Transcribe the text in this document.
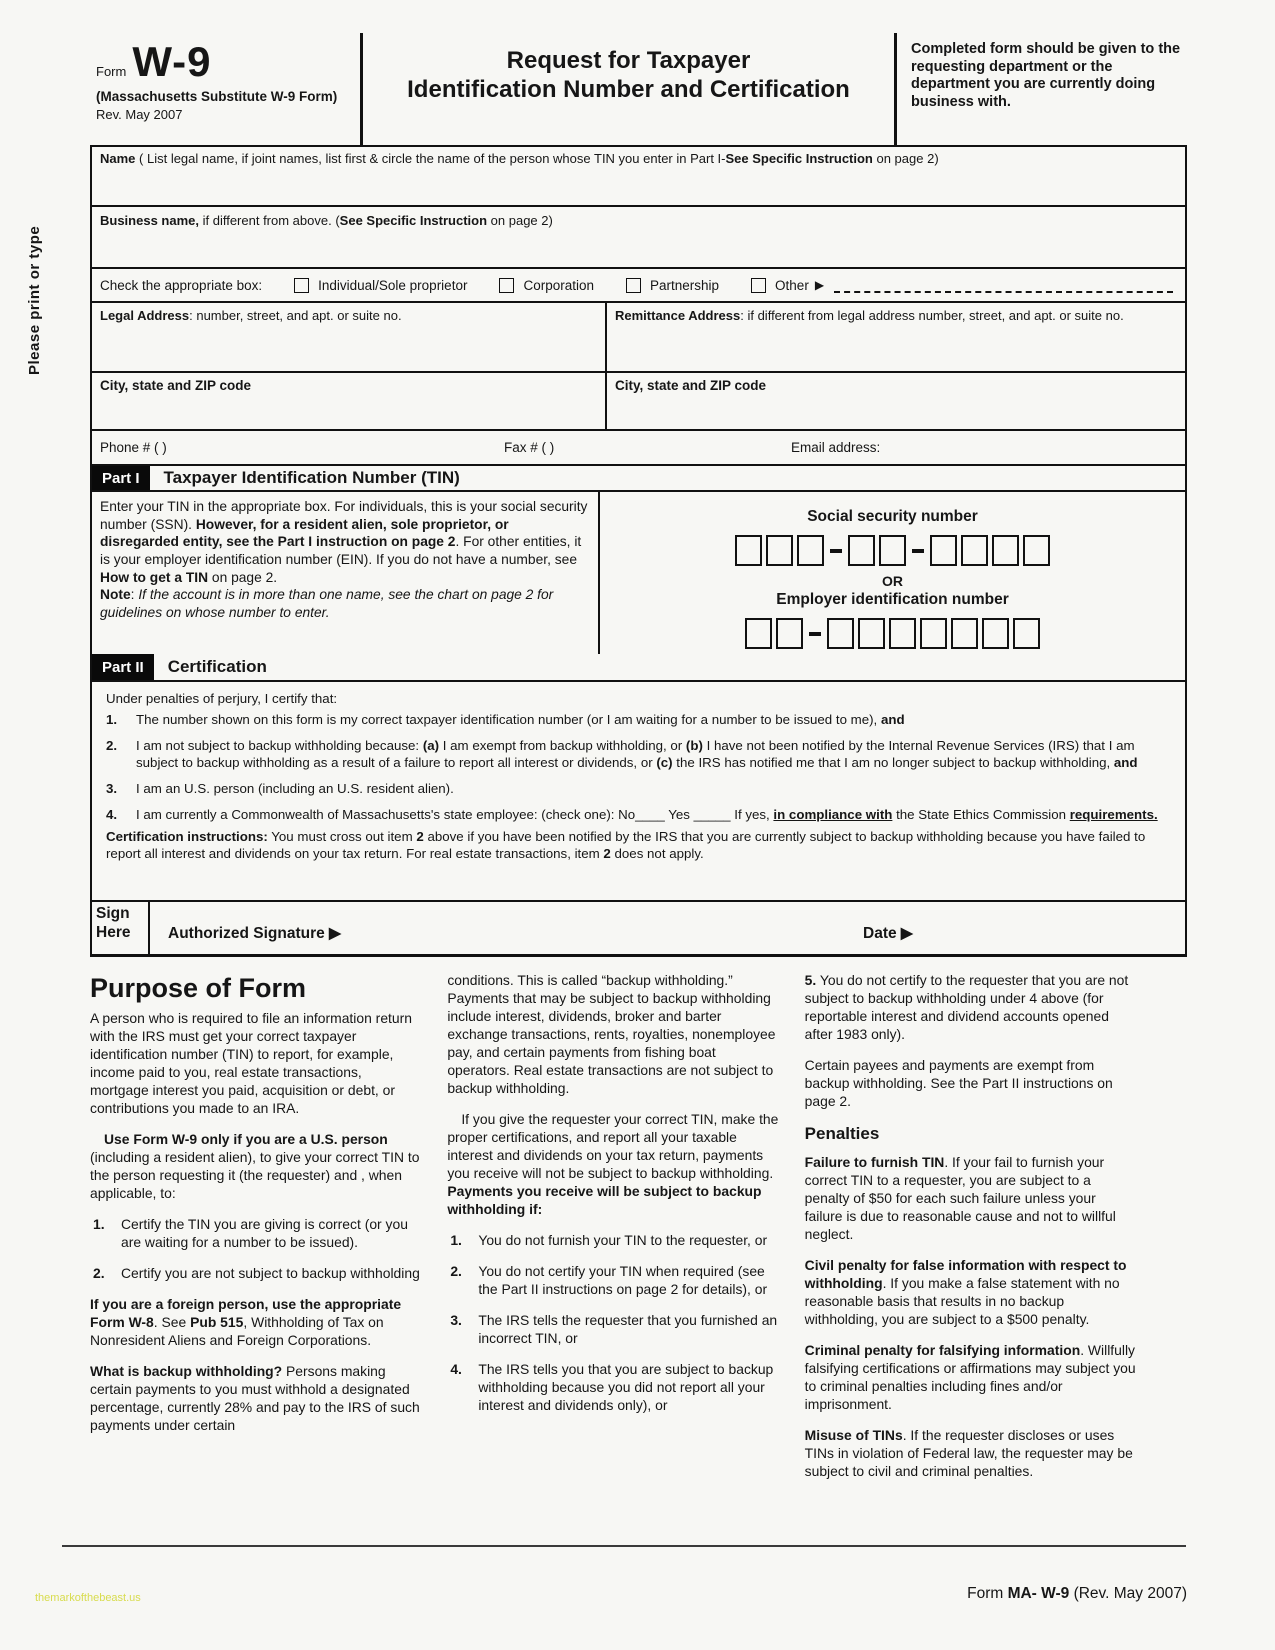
Please print or type
Form W-9
(Massachusetts Substitute W-9 Form)
Rev. May 2007
Request for Taxpayer
Identification Number and Certification
Completed form should be given to the requesting department or the department you are currently doing business with.
Name ( List legal name, if joint names, list first & circle the name of the person whose TIN you enter in Part I-See Specific Instruction on page 2)
Business name, if different from above. (See Specific Instruction on page 2)
Check the appropriate box:	Individual/Sole proprietor	Corporation	Partnership	Other ▶
Legal Address: number, street, and apt. or suite no.	Remittance Address: if different from legal address number, street, and apt. or suite no.
City, state and ZIP code	City, state and ZIP code
Phone # ( )	Fax # ( )	Email address:
Part I	Taxpayer Identification Number (TIN)
Enter your TIN in the appropriate box. For individuals, this is your social security number (SSN). However, for a resident alien, sole proprietor, or disregarded entity, see the Part I instruction on page 2. For other entities, it is your employer identification number (EIN). If you do not have a number, see How to get a TIN on page 2.
Note: If the account is in more than one name, see the chart on page 2 for guidelines on whose number to enter.
Social security number
OR
Employer identification number
Part II	Certification
Under penalties of perjury, I certify that:
1.	The number shown on this form is my correct taxpayer identification number (or I am waiting for a number to be issued to me), and
2.	I am not subject to backup withholding because: (a) I am exempt from backup withholding, or (b) I have not been notified by the Internal Revenue Services (IRS) that I am subject to backup withholding as a result of a failure to report all interest or dividends, or (c) the IRS has notified me that I am no longer subject to backup withholding, and
3.	I am an U.S. person (including an U.S. resident alien).
4.	I am currently a Commonwealth of Massachusetts's state employee: (check one): No____ Yes _____ If yes, in compliance with the State Ethics Commission requirements.
Certification instructions: You must cross out item 2 above if you have been notified by the IRS that you are currently subject to backup withholding because you have failed to report all interest and dividends on your tax return. For real estate transactions, item 2 does not apply.
Sign
Here	Authorized Signature ▶	Date ▶
Purpose of Form

A person who is required to file an information return with the IRS must get your correct taxpayer identification number (TIN) to report, for example, income paid to you, real estate transactions, mortgage interest you paid, acquisition or debt, or contributions you made to an IRA.

Use Form W-9 only if you are a U.S. person (including a resident alien), to give your correct TIN to the person requesting it (the requester) and , when applicable, to:

1.	Certify the TIN you are giving is correct (or you are waiting for a number to be issued).
2.	Certify you are not subject to backup withholding

If you are a foreign person, use the appropriate Form W-8. See Pub 515, Withholding of Tax on Nonresident Aliens and Foreign Corporations.

What is backup withholding? Persons making certain payments to you must withhold a designated percentage, currently 28% and pay to the IRS of such payments under certain

conditions. This is called “backup withholding.” Payments that may be subject to backup withholding include interest, dividends, broker and barter exchange transactions, rents, royalties, nonemployee pay, and certain payments from fishing boat operators. Real estate transactions are not subject to backup withholding.

If you give the requester your correct TIN, make the proper certifications, and report all your taxable interest and dividends on your tax return, payments you receive will not be subject to backup withholding. Payments you receive will be subject to backup withholding if:

1.	You do not furnish your TIN to the requester, or
2.	You do not certify your TIN when required (see the Part II instructions on page 2 for details), or
3.	The IRS tells the requester that you furnished an incorrect TIN, or
4.	The IRS tells you that you are subject to backup withholding because you did not report all your interest and dividends only), or

5. You do not certify to the requester that you are not subject to backup withholding under 4 above (for reportable interest and dividend accounts opened after 1983 only).

Certain payees and payments are exempt from backup withholding. See the Part II instructions on page 2.

Penalties

Failure to furnish TIN. If your fail to furnish your correct TIN to a requester, you are subject to a penalty of $50 for each such failure unless your failure is due to reasonable cause and not to willful neglect.

Civil penalty for false information with respect to withholding. If you make a false statement with no reasonable basis that results in no backup withholding, you are subject to a $500 penalty.

Criminal penalty for falsifying information. Willfully falsifying certifications or affirmations may subject you to criminal penalties including fines and/or imprisonment.

Misuse of TINs. If the requester discloses or uses TINs in violation of Federal law, the requester may be subject to civil and criminal penalties.

themarkofthebeast.us	Form MA- W-9 (Rev. May 2007)
